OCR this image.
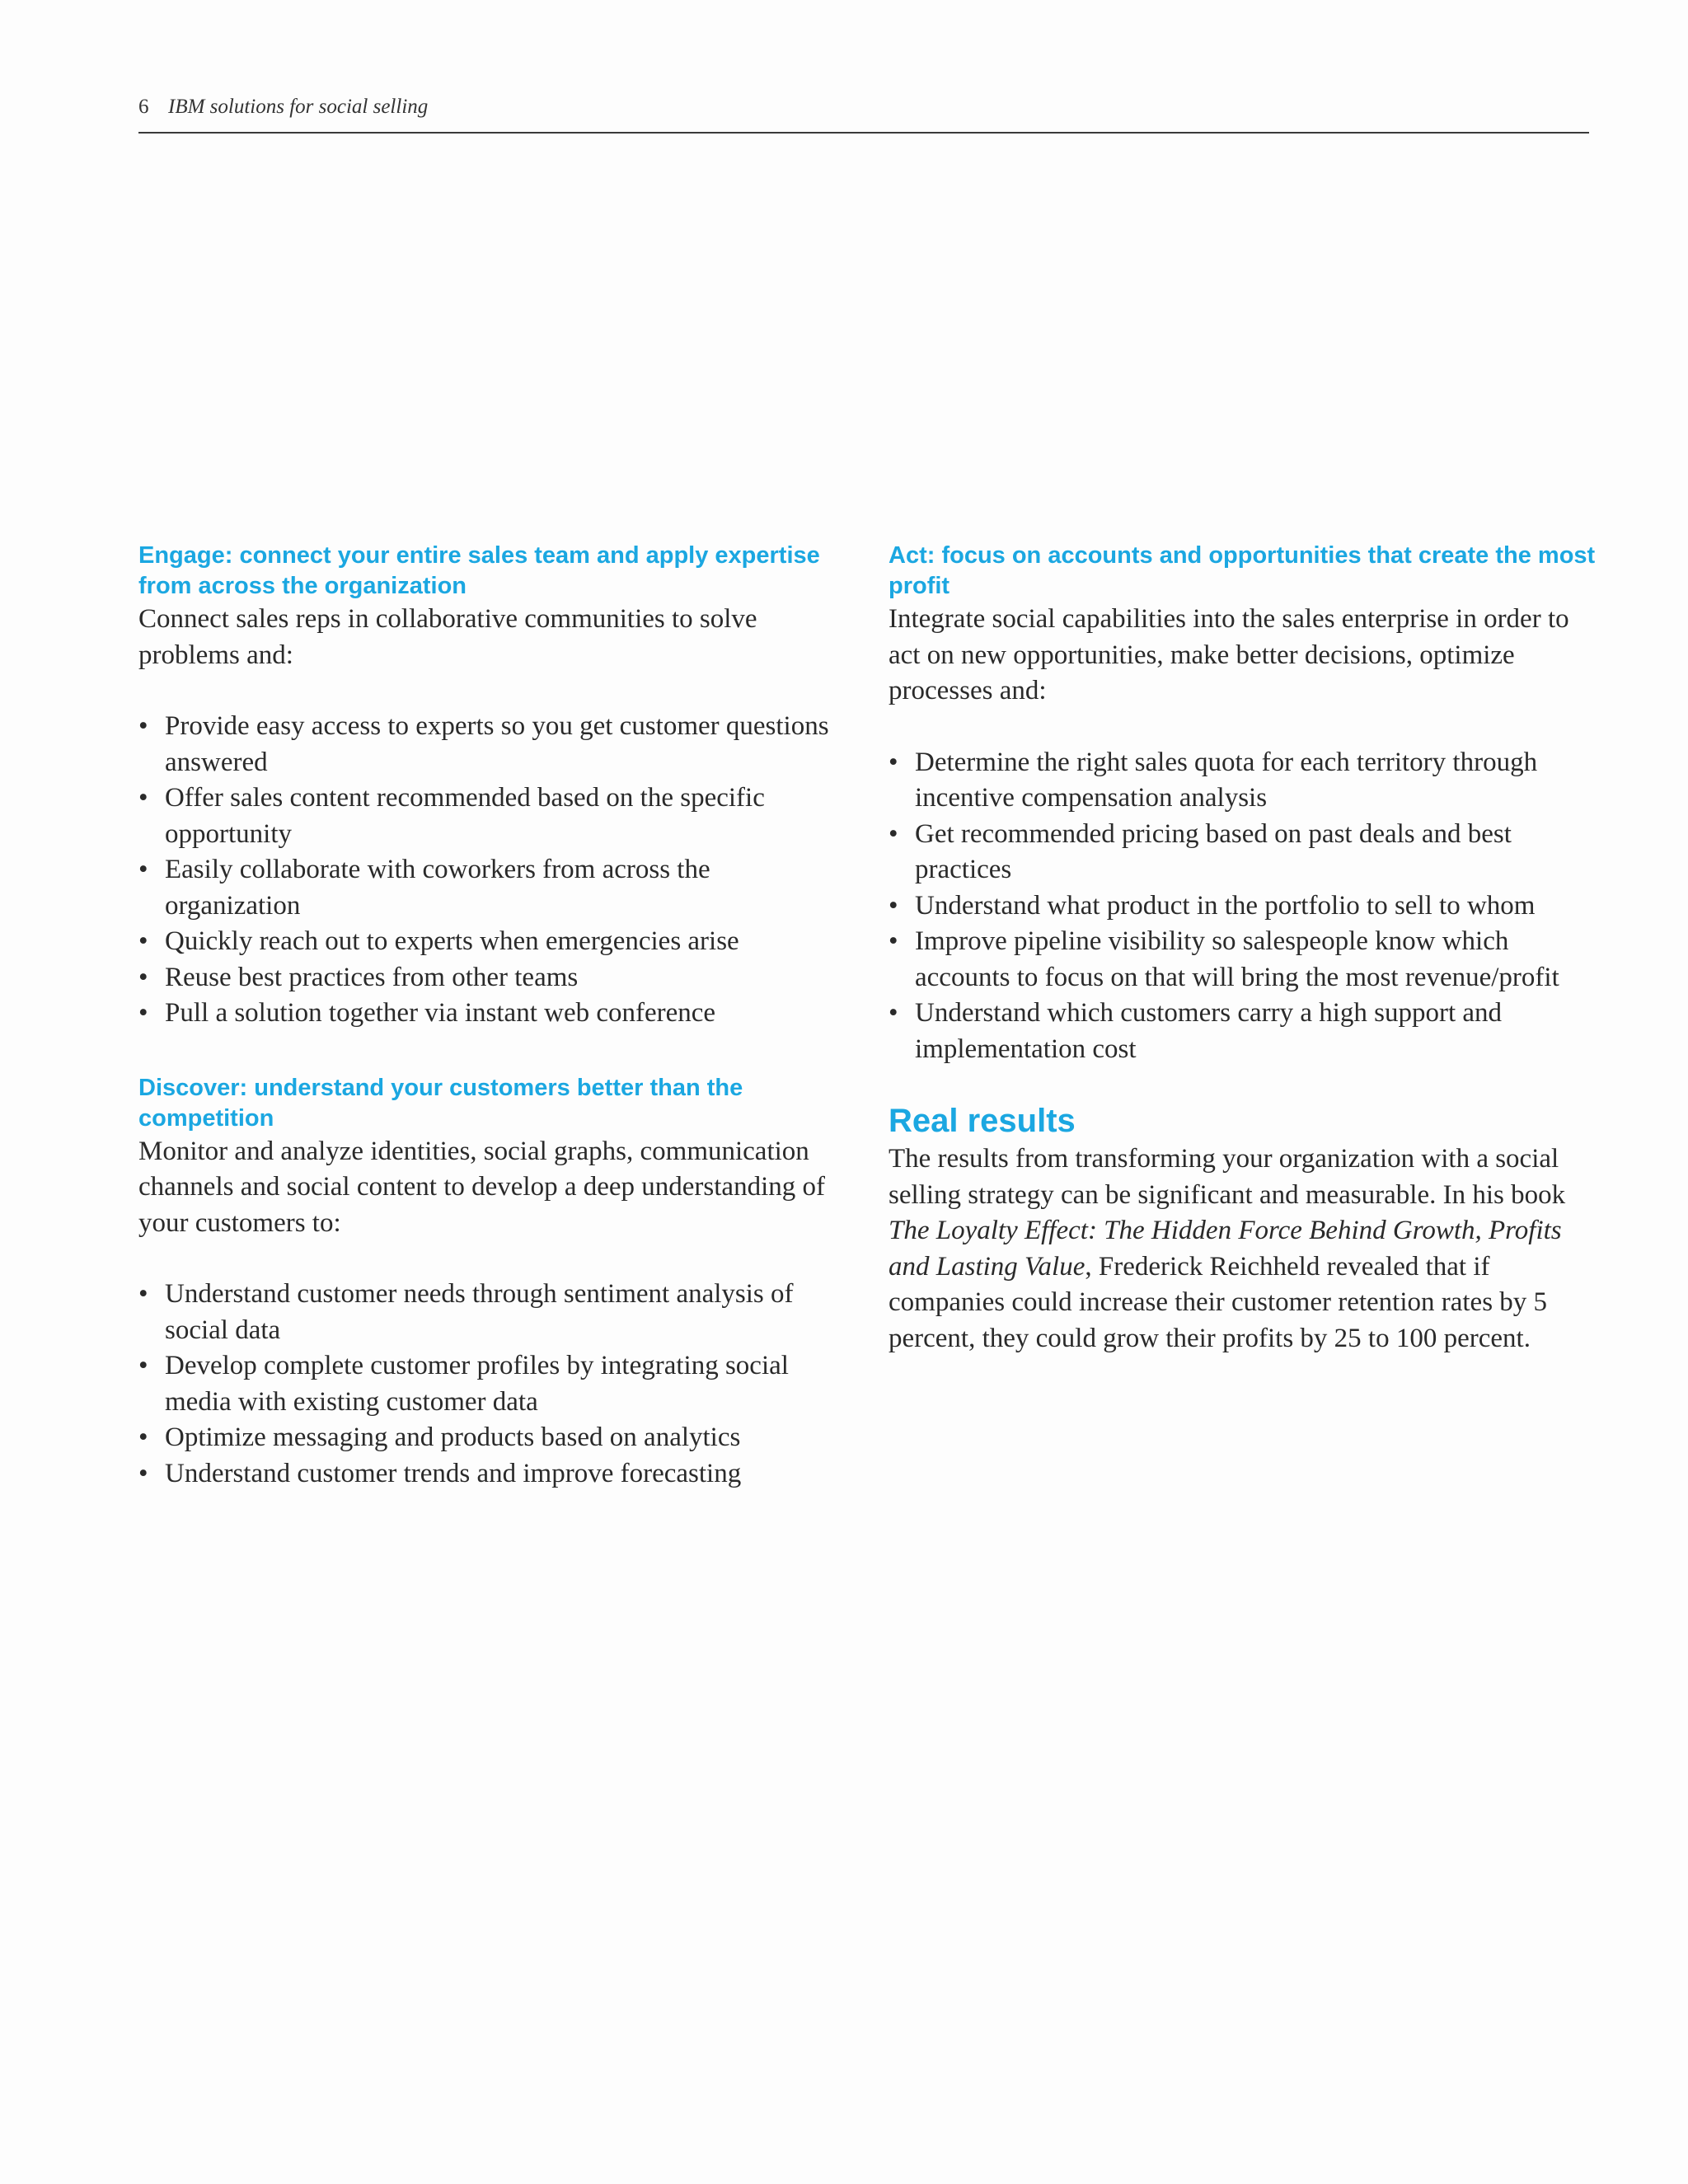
6 IBM solutions for social selling
Engage: connect your entire sales team and apply expertise from across the organization

Connect sales reps in collaborative communities to solve problems and:

• Provide easy access to experts so you get customer questions answered
• Offer sales content recommended based on the specific opportunity
• Easily collaborate with coworkers from across the organization
• Quickly reach out to experts when emergencies arise
• Reuse best practices from other teams
• Pull a solution together via instant web conference
Discover: understand your customers better than the competition

Monitor and analyze identities, social graphs, communication channels and social content to develop a deep understanding of your customers to:

• Understand customer needs through sentiment analysis of social data
• Develop complete customer profiles by integrating social media with existing customer data
• Optimize messaging and products based on analytics
• Understand customer trends and improve forecasting
Act: focus on accounts and opportunities that create the most profit

Integrate social capabilities into the sales enterprise in order to act on new opportunities, make better decisions, optimize processes and:

• Determine the right sales quota for each territory through incentive compensation analysis
• Get recommended pricing based on past deals and best practices
• Understand what product in the portfolio to sell to whom
• Improve pipeline visibility so salespeople know which accounts to focus on that will bring the most revenue/profit
• Understand which customers carry a high support and implementation cost
Real results

The results from transforming your organization with a social selling strategy can be significant and measurable. In his book The Loyalty Effect: The Hidden Force Behind Growth, Profits and Lasting Value, Frederick Reichheld revealed that if companies could increase their customer retention rates by 5 percent, they could grow their profits by 25 to 100 percent.
